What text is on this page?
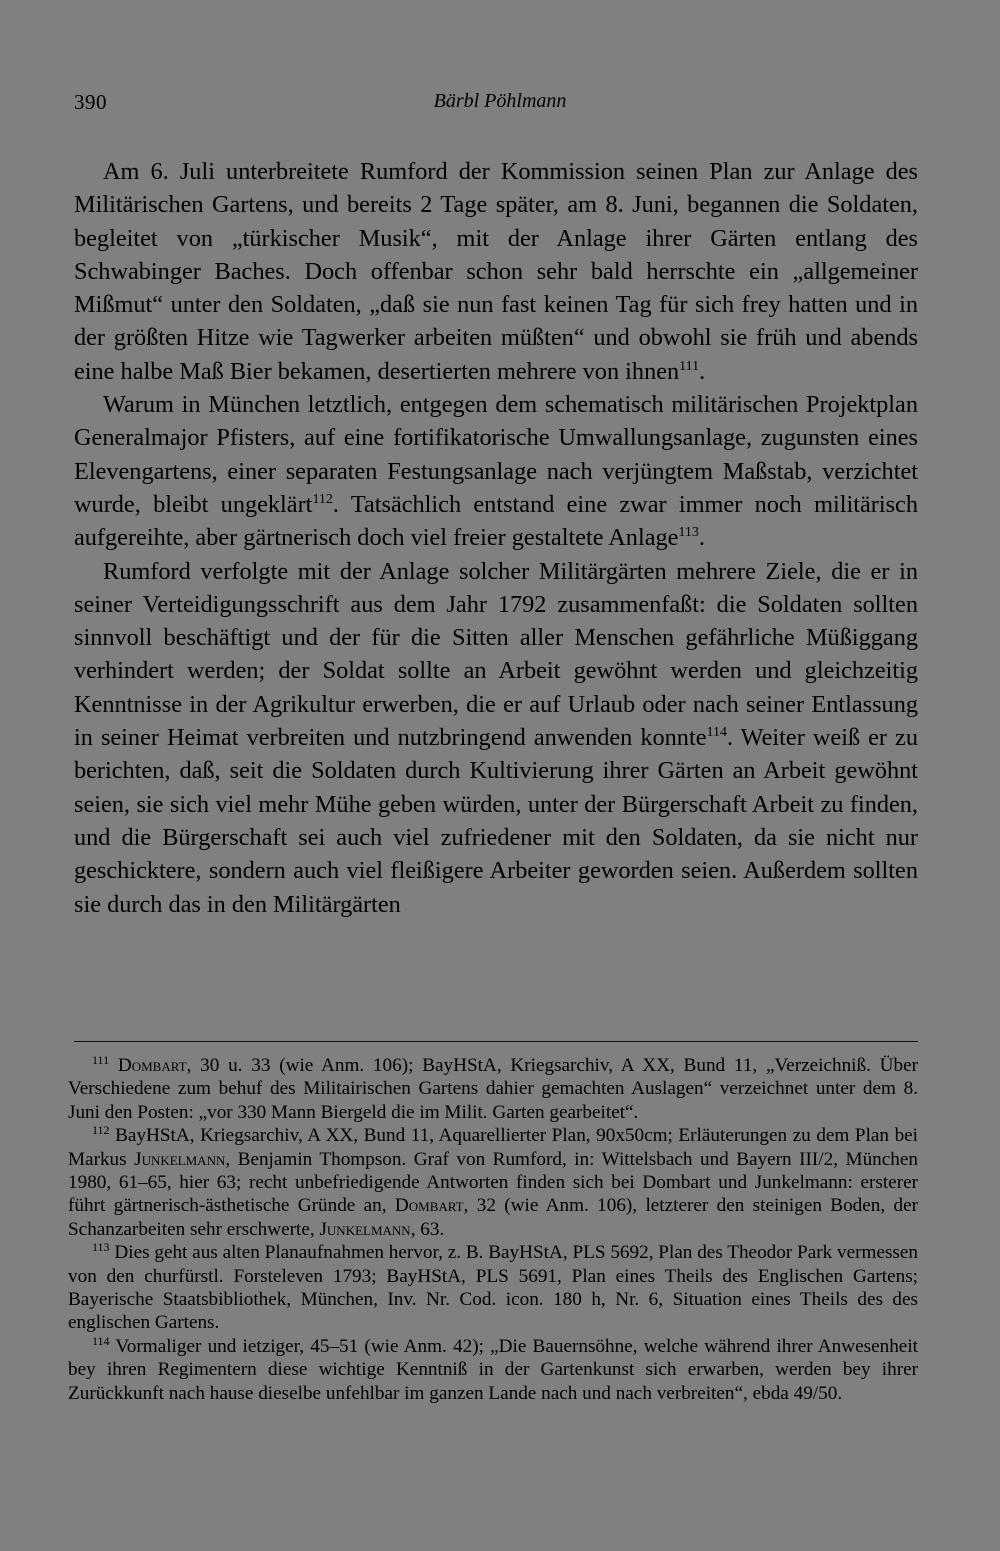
390	Bärbl Pöhlmann

Am 6. Juli unterbreitete Rumford der Kommission seinen Plan zur Anlage des Militärischen Gartens, und bereits 2 Tage später, am 8. Juni, begannen die Soldaten, begleitet von „türkischer Musik“, mit der Anlage ihrer Gärten entlang des Schwabinger Baches. Doch offenbar schon sehr bald herrschte ein „allgemeiner Mißmut“ unter den Soldaten, „daß sie nun fast keinen Tag für sich frey hatten und in der größten Hitze wie Tagwerker arbeiten müßten“ und obwohl sie früh und abends eine halbe Maß Bier bekamen, desertierten mehrere von ihnen$^{111}$.

Warum in München letztlich, entgegen dem schematisch militärischen Projektplan Generalmajor Pfisters, auf eine fortifikatorische Umwallungsanlage, zugunsten eines Elevengartens, einer separaten Festungsanlage nach verjüngtem Maßstab, verzichtet wurde, bleibt ungeklärt$^{112}$. Tatsächlich entstand eine zwar immer noch militärisch aufgereihte, aber gärtnerisch doch viel freier gestaltete Anlage$^{113}$.

Rumford verfolgte mit der Anlage solcher Militärgärten mehrere Ziele, die er in seiner Verteidigungsschrift aus dem Jahr 1792 zusammenfaßt: die Soldaten sollten sinnvoll beschäftigt und der für die Sitten aller Menschen gefährliche Müßiggang verhindert werden; der Soldat sollte an Arbeit gewöhnt werden und gleichzeitig Kenntnisse in der Agrikultur erwerben, die er auf Urlaub oder nach seiner Entlassung in seiner Heimat verbreiten und nutzbringend anwenden konnte$^{114}$. Weiter weiß er zu berichten, daß, seit die Soldaten durch Kultivierung ihrer Gärten an Arbeit gewöhnt seien, sie sich viel mehr Mühe geben würden, unter der Bürgerschaft Arbeit zu finden, und die Bürgerschaft sei auch viel zufriedener mit den Soldaten, da sie nicht nur geschicktere, sondern auch viel fleißigere Arbeiter geworden seien. Außerdem sollten sie durch das in den Militärgärten

$^{111}$ Dombart, 30 u. 33 (wie Anm. 106); BayHStA, Kriegsarchiv, A XX, Bund 11, „Verzeichniß. Über Verschiedene zum behuf des Militairischen Gartens dahier gemachten Auslagen“ verzeichnet unter dem 8. Juni den Posten: „vor 330 Mann Biergeld die im Milit. Garten gearbeitet“.

$^{112}$ BayHStA, Kriegsarchiv, A XX, Bund 11, Aquarellierter Plan, 90x50cm; Erläuterungen zu dem Plan bei Markus Junkelmann, Benjamin Thompson. Graf von Rumford, in: Wittelsbach und Bayern III/2, München 1980, 61–65, hier 63; recht unbefriedigende Antworten finden sich bei Dombart und Junkelmann: ersterer führt gärtnerisch-ästhetische Gründe an, Dombart, 32 (wie Anm. 106), letzterer den steinigen Boden, der Schanzarbeiten sehr erschwerte, Junkelmann, 63.

$^{113}$ Dies geht aus alten Planaufnahmen hervor, z. B. BayHStA, PLS 5692, Plan des Theodor Park vermessen von den churfürstl. Forsteleven 1793; BayHStA, PLS 5691, Plan eines Theils des Englischen Gartens; Bayerische Staatsbibliothek, München, Inv. Nr. Cod. icon. 180 h, Nr. 6, Situation eines Theils des des englischen Gartens.

$^{114}$ Vormaliger und ietziger, 45–51 (wie Anm. 42); „Die Bauernsöhne, welche während ihrer Anwesenheit bey ihren Regimentern diese wichtige Kenntniß in der Gartenkunst sich erwarben, werden bey ihrer Zurückkunft nach hause dieselbe unfehlbar im ganzen Lande nach und nach verbreiten“, ebda 49/50.
